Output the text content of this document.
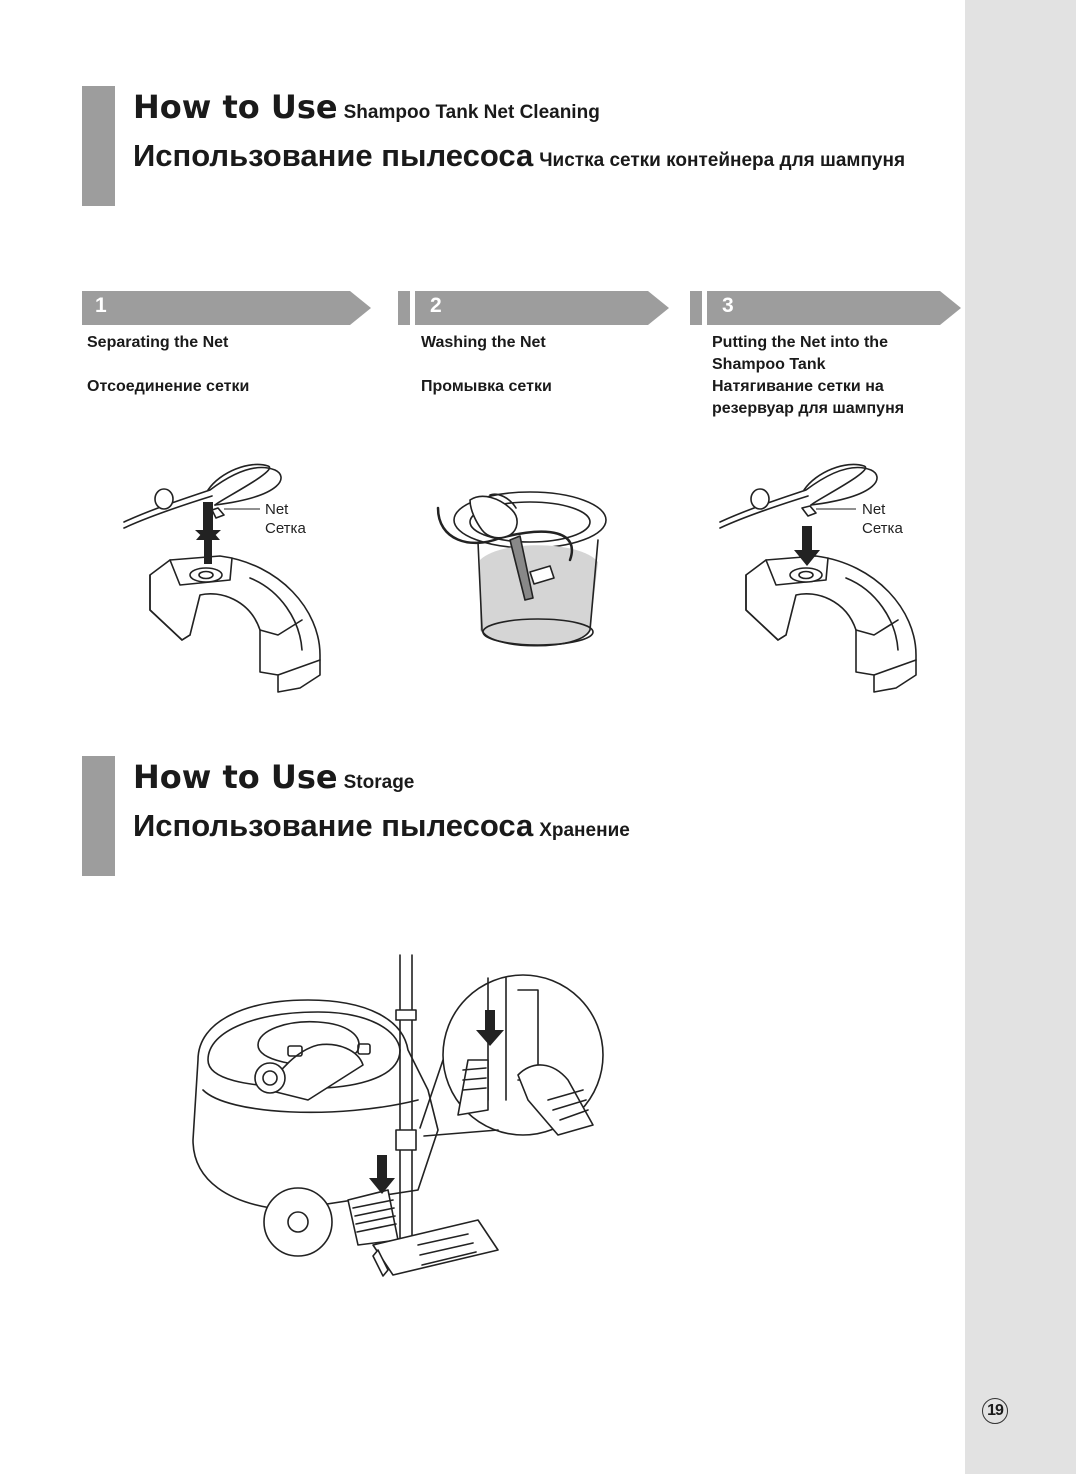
How to Use Shampoo Tank Net Cleaning
Использование пылесоса Чистка сетки контейнера для шампуня
1	2	3
Separating the Net
Отсоединение сетки
Washing the Net
Промывка сетки
Putting the Net into the Shampoo Tank
Натягивание сетки на резервуар для шампуня
Net
Сетка
Net
Сетка
How to Use Storage
Использование пылесоса Хранение
19
